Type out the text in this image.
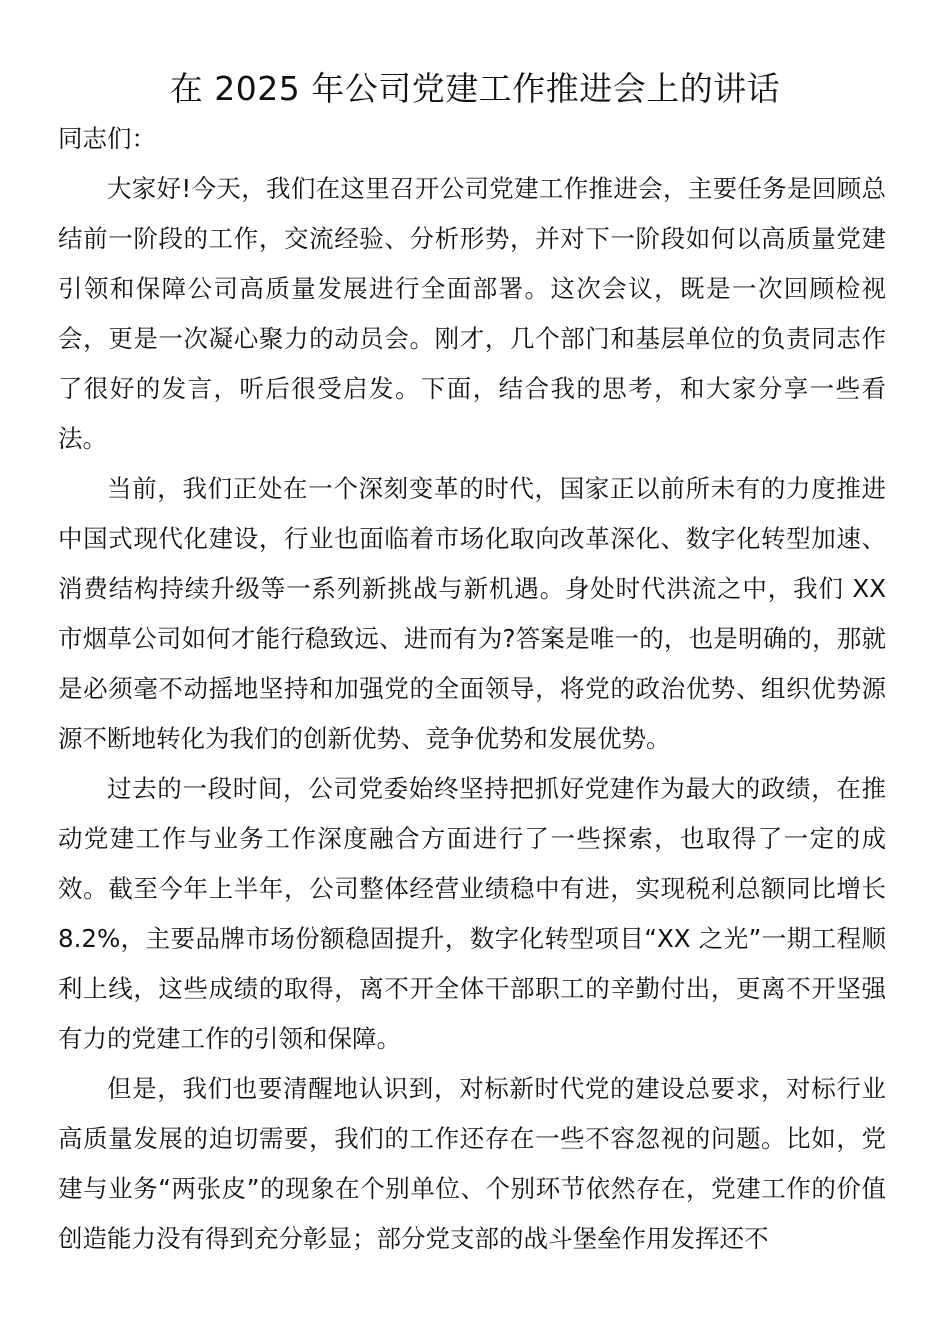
在 2025 年公司党建工作推进会上的讲话

同志们：

大家好!今天，我们在这里召开公司党建工作推进会，主要任务是回顾总结前一阶段的工作，交流经验、分析形势，并对下一阶段如何以高质量党建引领和保障公司高质量发展进行全面部署。这次会议，既是一次回顾检视会，更是一次凝心聚力的动员会。刚才，几个部门和基层单位的负责同志作了很好的发言，听后很受启发。下面，结合我的思考，和大家分享一些看法。

当前，我们正处在一个深刻变革的时代，国家正以前所未有的力度推进中国式现代化建设，行业也面临着市场化取向改革深化、数字化转型加速、消费结构持续升级等一系列新挑战与新机遇。身处时代洪流之中，我们 XX 市烟草公司如何才能行稳致远、进而有为?答案是唯一的，也是明确的，那就是必须毫不动摇地坚持和加强党的全面领导，将党的政治优势、组织优势源源不断地转化为我们的创新优势、竞争优势和发展优势。

过去的一段时间，公司党委始终坚持把抓好党建作为最大的政绩，在推动党建工作与业务工作深度融合方面进行了一些探索，也取得了一定的成效。截至今年上半年，公司整体经营业绩稳中有进，实现税利总额同比增长 8.2%，主要品牌市场份额稳固提升，数字化转型项目“XX 之光”一期工程顺利上线，这些成绩的取得，离不开全体干部职工的辛勤付出，更离不开坚强有力的党建工作的引领和保障。

但是，我们也要清醒地认识到，对标新时代党的建设总要求，对标行业高质量发展的迫切需要，我们的工作还存在一些不容忽视的问题。比如，党建与业务“两张皮”的现象在个别单位、个别环节依然存在，党建工作的价值创造能力没有得到充分彰显；部分党支部的战斗堡垒作用发挥还不
